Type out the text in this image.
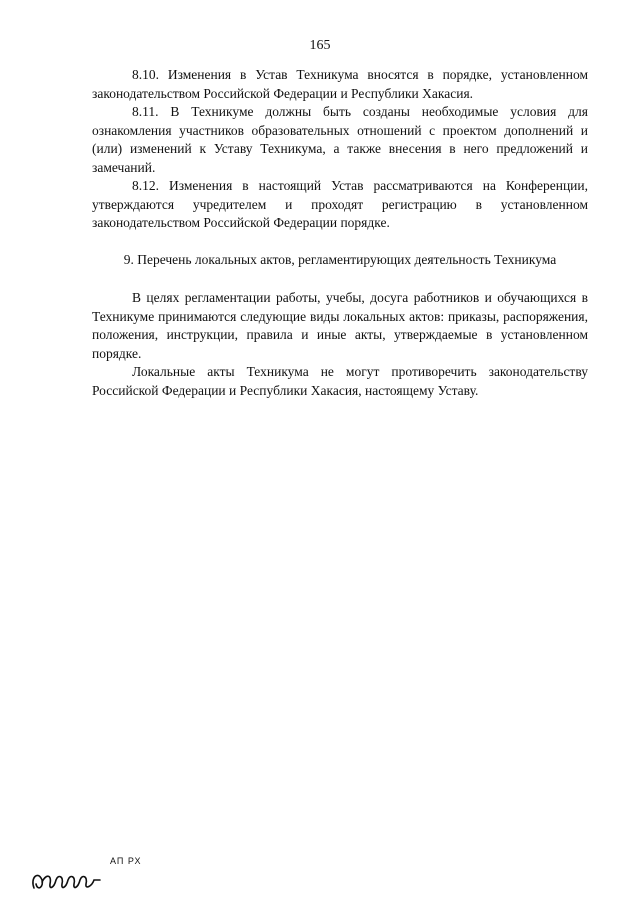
165

8.10. Изменения в Устав Техникума вносятся в порядке, установленном законодательством Российской Федерации и Республики Хакасия.

8.11. В Техникуме должны быть созданы необходимые условия для ознакомления участников образовательных отношений с проектом дополнений и (или) изменений к Уставу Техникума, а также внесения в него предложений и замечаний.

8.12. Изменения в настоящий Устав рассматриваются на Конференции, утверждаются учредителем и проходят регистрацию в установленном законодательством Российской Федерации порядке.

9. Перечень локальных актов, регламентирующих деятельность Техникума

В целях регламентации работы, учебы, досуга работников и обучающихся в Техникуме принимаются следующие виды локальных актов: приказы, распоряжения, положения, инструкции, правила и иные акты, утверждаемые в установленном порядке.

Локальные акты Техникума не могут противоречить законодательству Российской Федерации и Республики Хакасия, настоящему Уставу.

АП РХ
